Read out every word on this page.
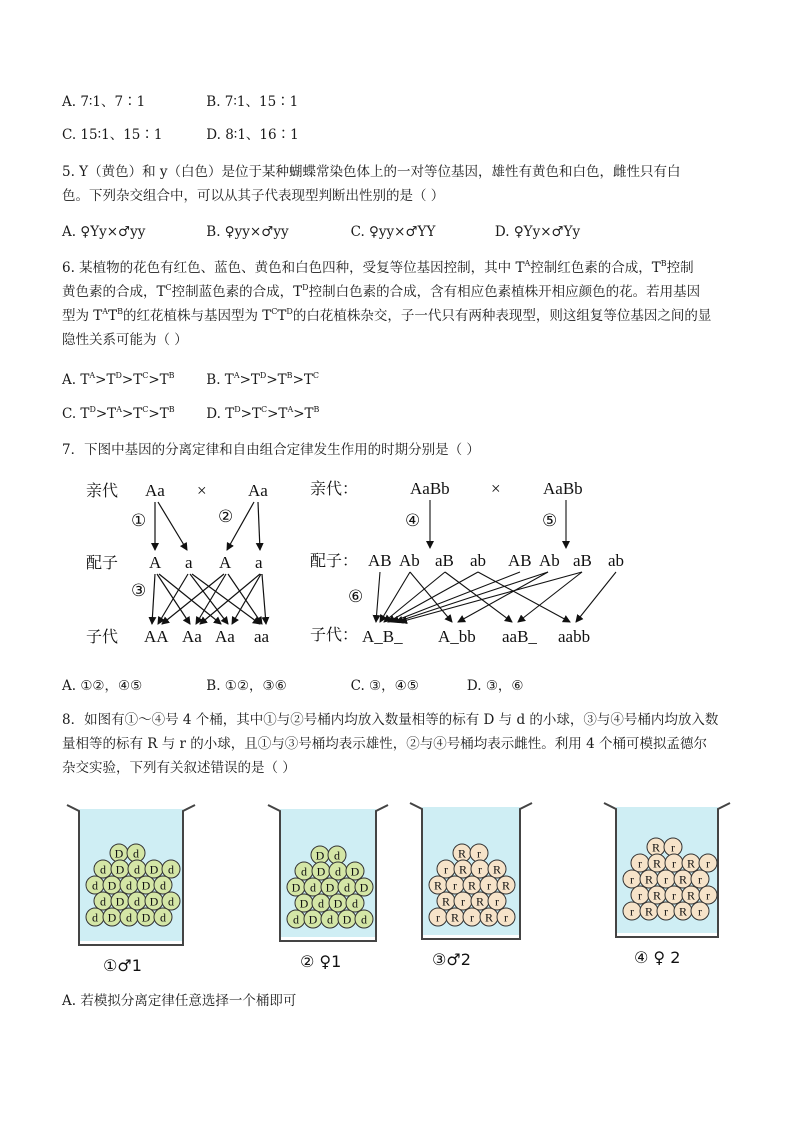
A. 7∶1、7∶1	B. 7∶1、15∶1
C. 15∶1、15∶1	D. 8∶1、16∶1
5. Y（黄色）和 y（白色）是位于某种蝴蝶常染色体上的一对等位基因，雄性有黄色和白色，雌性只有白
色。下列杂交组合中，可以从其子代表现型判断出性别的是（ ）
A. ♀Yy×♂yy	B. ♀yy×♂yy	C. ♀yy×♂YY	D. ♀Yy×♂Yy
6. 某植物的花色有红色、蓝色、黄色和白色四种，受复等位基因控制，其中 $T^A$控制红色素的合成，$T^B$控制
黄色素的合成，$T^C$控制蓝色素的合成，$T^D$控制白色素的合成，含有相应色素植株开相应颜色的花。若用基因
型为 $T^AT^B$的红花植株与基因型为 $T^CT^D$的白花植株杂交，子一代只有两种表现型，则这组复等位基因之间的显
隐性关系可能为（ ）
A. $T^A>T^D>T^C>T^B$ B. $T^A>T^D>T^B>T^C$
C. $T^D>T^A>T^C>T^B$ D. $T^D>T^C>T^A>T^B$
7．下图中基因的分离定律和自由组合定律发生作用的时期分别是（ ）
亲代
配子
子代
Aa × Aa
A a A a
AA Aa Aa aa
①	②
③
亲代：
配子：
子代：
AaBb × AaBb
AB Ab aB ab AB Ab aB ab
A_B_ A_bb aaB_ aabb
④	⑤
⑥
A. ①②，④⑤	B. ①②，③⑥	C. ③，④⑤	D. ③，⑥
8．如图有①～④号 4 个桶，其中①与②号桶内均放入数量相等的标有 D 与 d 的小球，③与④号桶内均放入数
量相等的标有 R 与 r 的小球，且①与③号桶均表示雄性，②与④号桶均表示雌性。利用 4 个桶可模拟孟德尔
杂交实验，下列有关叙述错误的是（ ）
D d
d D d D d
d D d D d
d D d D d
d D d D d
D d
d D d D
D d D d D
D d D d
d D d D d
R r
r R r R
R r R r R
R r R r
r R r R r
R r
r R r R r
r R r R r
r R r R r
r R r R r
①♂1	② ♀1	③♂2	④ ♀ 2
A. 若模拟分离定律任意选择一个桶即可
